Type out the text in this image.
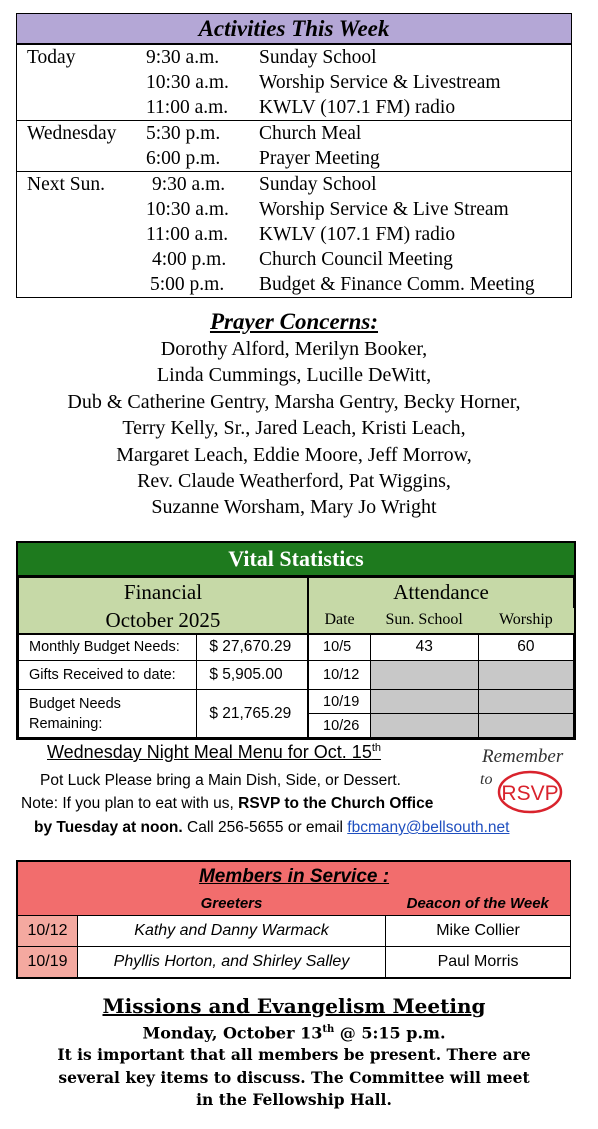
Activities This Week
Today	9:30 a.m. Sunday School
10:30 a.m. Worship Service & Livestream
11:00 a.m. KWLV (107.1 FM) radio
Wednesday 5:30 p.m. Church Meal
6:00 p.m. Prayer Meeting
Next Sun. 9:30 a.m. Sunday School
10:30 a.m. Worship Service & Live Stream
11:00 a.m. KWLV (107.1 FM) radio
4:00 p.m. Church Council Meeting
5:00 p.m. Budget & Finance Comm. Meeting
Prayer Concerns:
Dorothy Alford, Merilyn Booker,
Linda Cummings, Lucille DeWitt,
Dub & Catherine Gentry, Marsha Gentry, Becky Horner,
Terry Kelly, Sr., Jared Leach, Kristi Leach,
Margaret Leach, Eddie Moore, Jeff Morrow,
Rev. Claude Weatherford, Pat Wiggins,
Suzanne Worsham, Mary Jo Wright
Vital Statistics
Financial		Attendance		
October 2025		Date	Sun. School	Worship
Monthly Budget Needs:	$ 27,670.29	10/5	43	60
Gifts Received to date:	$ 5,905.00	10/12		

Budget Needs
Remaining:	$ 21,765.29	10/19		
		10/26		
Wednesday Night Meal Menu for Oct. 15th
Pot Luck Please bring a Main Dish, Side, or Dessert.
Note: If you plan to eat with us, RSVP to the Church Office
by Tuesday at noon. Call 256-5655 or email fbcmany@bellsouth.net
Remember
to
RSVP
Members in Service :		
	Greeters	Deacon of the Week
10/12	Kathy and Danny Warmack	Mike Collier
10/19	Phyllis Horton, and Shirley Salley	Paul Morris
Missions and Evangelism Meeting
Monday, October 13th @ 5:15 p.m.
It is important that all members be present. There are
several key items to discuss. The Committee will meet
in the Fellowship Hall.
